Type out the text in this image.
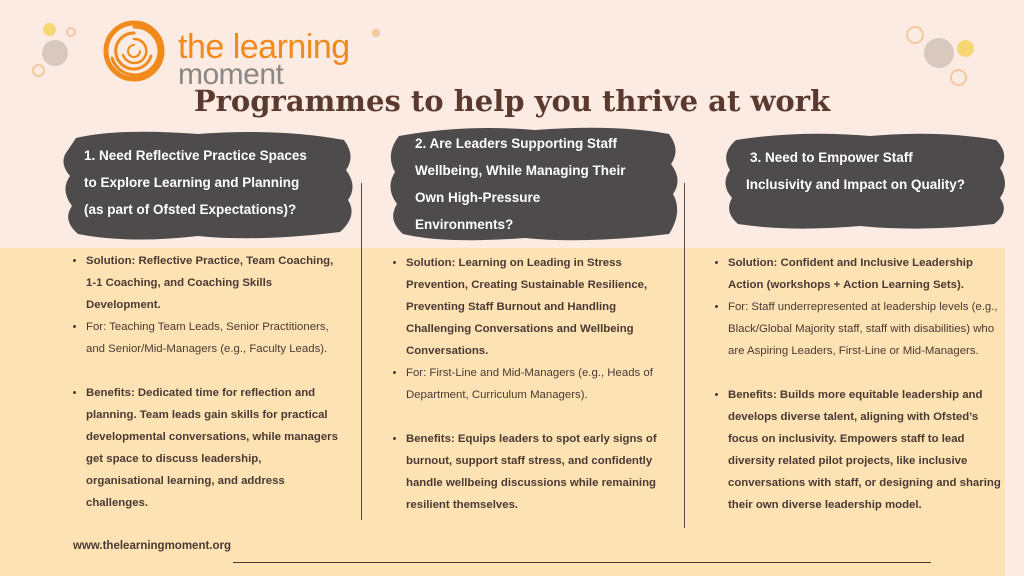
the learning ®
moment
Programmes to help you thrive at work
1. Need Reflective Practice Spaces
to Explore Learning and Planning
(as part of Ofsted Expectations)?
2. Are Leaders Supporting Staff
Wellbeing, While Managing Their
Own High-Pressure
Environments?
3. Need to Empower Staff
Inclusivity and Impact on Quality?
• Solution: Reflective Practice, Team Coaching, 1-1 Coaching, and Coaching Skills Development.
• For: Teaching Team Leads, Senior Practitioners, and Senior/Mid-Managers (e.g., Faculty Leads).
• Benefits: Dedicated time for reflection and planning. Team leads gain skills for practical developmental conversations, while managers get space to discuss leadership, organisational learning, and address challenges.
• Solution: Learning on Leading in Stress Prevention, Creating Sustainable Resilience, Preventing Staff Burnout and Handling Challenging Conversations and Wellbeing Conversations.
• For: First-Line and Mid-Managers (e.g., Heads of Department, Curriculum Managers).
• Benefits: Equips leaders to spot early signs of burnout, support staff stress, and confidently handle wellbeing discussions while remaining resilient themselves.
• Solution: Confident and Inclusive Leadership Action (workshops + Action Learning Sets).
• For: Staff underrepresented at leadership levels (e.g., Black/Global Majority staff, staff with disabilities) who are Aspiring Leaders, First-Line or Mid-Managers.
• Benefits: Builds more equitable leadership and develops diverse talent, aligning with Ofsted’s focus on inclusivity. Empowers staff to lead diversity related pilot projects, like inclusive conversations with staff, or designing and sharing their own diverse leadership model.
www.thelearningmoment.org
